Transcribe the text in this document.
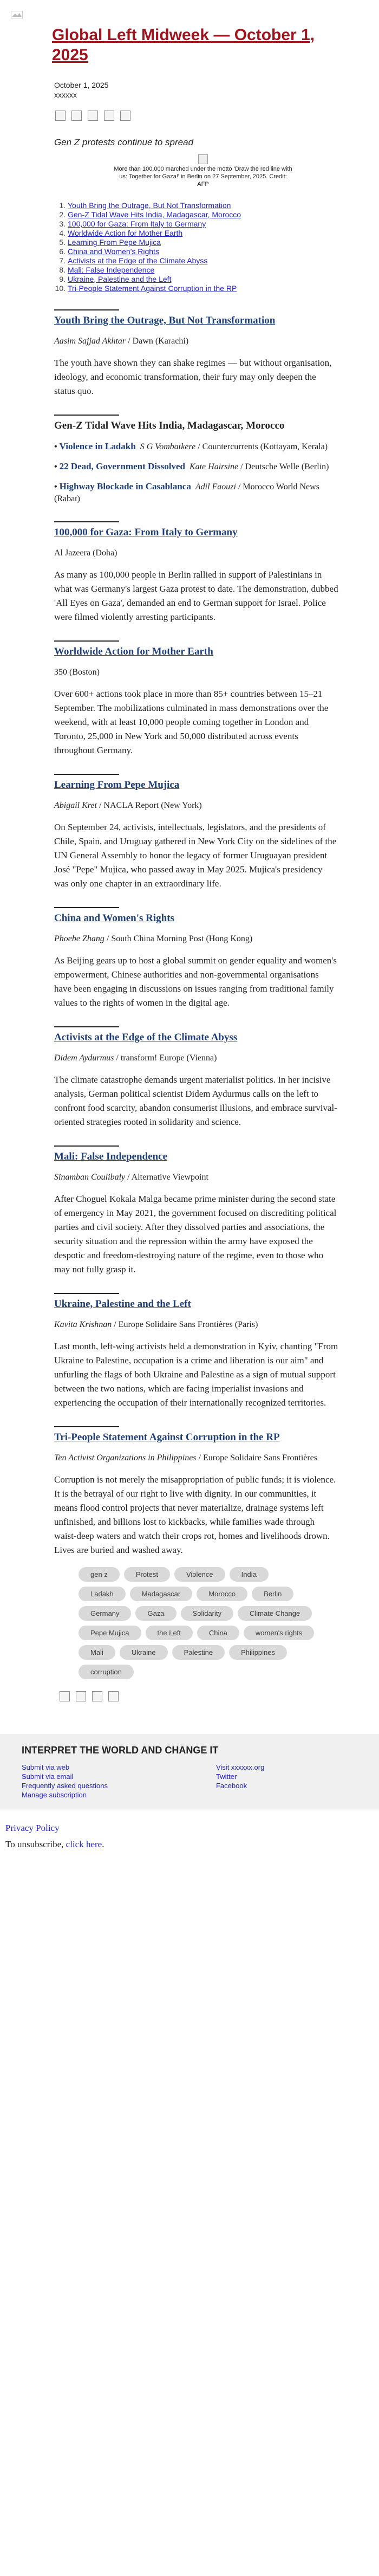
Global Left Midweek — October 1, 2025
October 1, 2025
xxxxxx
Gen Z protests continue to spread
More than 100,000 marched under the motto 'Draw the red line with us: Together for Gaza!' in Berlin on 27 September, 2025. Credit: AFP
1. Youth Bring the Outrage, But Not Transformation
2. Gen-Z Tidal Wave Hits India, Madagascar, Morocco
3. 100,000 for Gaza: From Italy to Germany
4. Worldwide Action for Mother Earth
5. Learning From Pepe Mujica
6. China and Women's Rights
7. Activists at the Edge of the Climate Abyss
8. Mali: False Independence
9. Ukraine, Palestine and the Left
10. Tri-People Statement Against Corruption in the RP
Youth Bring the Outrage, But Not Transformation
Aasim Sajjad Akhtar / Dawn (Karachi)
The youth have shown they can shake regimes — but without organisation, ideology, and economic transformation, their fury may only deepen the status quo.
Gen-Z Tidal Wave Hits India, Madagascar, Morocco
• Violence in Ladakh S G Vombatkere / Countercurrents (Kottayam, Kerala)
• 22 Dead, Government Dissolved Kate Hairsine / Deutsche Welle (Berlin)
• Highway Blockade in Casablanca Adil Faouzi / Morocco World News (Rabat)
100,000 for Gaza: From Italy to Germany
Al Jazeera (Doha)
As many as 100,000 people in Berlin rallied in support of Palestinians in what was Germany's largest Gaza protest to date. The demonstration, dubbed 'All Eyes on Gaza', demanded an end to German support for Israel. Police were filmed violently arresting participants.
Worldwide Action for Mother Earth
350 (Boston)
Over 600+ actions took place in more than 85+ countries between 15–21 September. The mobilizations culminated in mass demonstrations over the weekend, with at least 10,000 people coming together in London and Toronto, 25,000 in New York and 50,000 distributed across events throughout Germany.
Learning From Pepe Mujica
Abigail Kret / NACLA Report (New York)
On September 24, activists, intellectuals, legislators, and the presidents of Chile, Spain, and Uruguay gathered in New York City on the sidelines of the UN General Assembly to honor the legacy of former Uruguayan president José "Pepe" Mujica, who passed away in May 2025. Mujica's presidency was only one chapter in an extraordinary life.
China and Women's Rights
Phoebe Zhang / South China Morning Post (Hong Kong)
As Beijing gears up to host a global summit on gender equality and women's empowerment, Chinese authorities and non-governmental organisations have been engaging in discussions on issues ranging from traditional family values to the rights of women in the digital age.
Activists at the Edge of the Climate Abyss
Didem Aydurmus / transform! Europe (Vienna)
The climate catastrophe demands urgent materialist politics. In her incisive analysis, German political scientist Didem Aydurmus calls on the left to confront food scarcity, abandon consumerist illusions, and embrace survival-oriented strategies rooted in solidarity and science.
Mali: False Independence
Sinamban Coulibaly / Alternative Viewpoint
After Choguel Kokala Malga became prime minister during the second state of emergency in May 2021, the government focused on discrediting political parties and civil society. After they dissolved parties and associations, the security situation and the repression within the army have exposed the despotic and freedom-destroying nature of the regime, even to those who may not fully grasp it.
Ukraine, Palestine and the Left
Kavita Krishnan / Europe Solidaire Sans Frontières (Paris)
Last month, left-wing activists held a demonstration in Kyiv, chanting "From Ukraine to Palestine, occupation is a crime and liberation is our aim" and unfurling the flags of both Ukraine and Palestine as a sign of mutual support between the two nations, which are facing imperialist invasions and experiencing the occupation of their internationally recognized territories.
Tri-People Statement Against Corruption in the RP
Ten Activist Organizations in Philippines / Europe Solidaire Sans Frontières
Corruption is not merely the misappropriation of public funds; it is violence. It is the betrayal of our right to live with dignity. In our communities, it means flood control projects that never materialize, drainage systems left unfinished, and billions lost to kickbacks, while families wade through waist-deep waters and watch their crops rot, homes and livelihoods drown. Lives are buried and washed away.
gen z	Protest	Violence	India
Ladakh	Madagascar	Morocco	Berlin
Germany	Gaza	Solidarity	Climate Change
Pepe Mujica	the Left	China	women's rights
Mali	Ukraine	Palestine	Philippines
corruption
INTERPRET THE WORLD AND CHANGE IT
Submit via web
Submit via email
Frequently asked questions
Manage subscription
Visit xxxxxx.org
Twitter
Facebook
Privacy Policy
To unsubscribe, click here.
